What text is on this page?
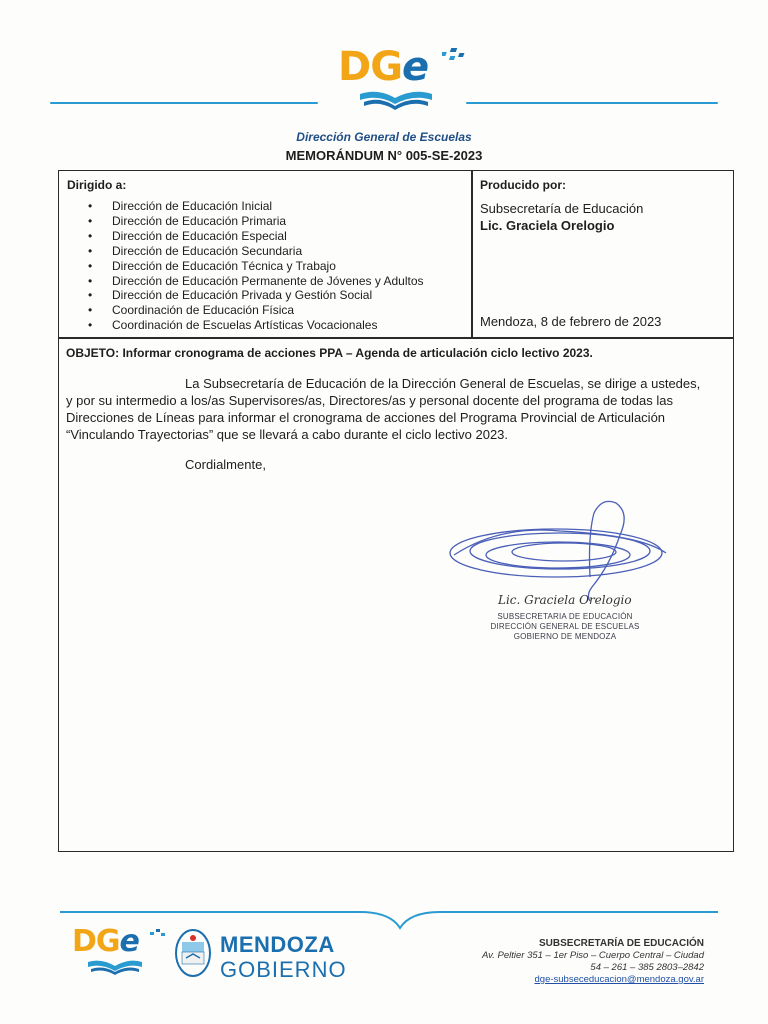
DGe
Dirección General de Escuelas
MEMORÁNDUM N° 005-SE-2023
Dirigido a:
• Dirección de Educación Inicial
• Dirección de Educación Primaria
• Dirección de Educación Especial
• Dirección de Educación Secundaria
• Dirección de Educación Técnica y Trabajo
• Dirección de Educación Permanente de Jóvenes y Adultos
• Dirección de Educación Privada y Gestión Social
• Coordinación de Educación Física
• Coordinación de Escuelas Artísticas Vocacionales
Producido por:
Subsecretaría de Educación
Lic. Graciela Orelogio
Mendoza, 8 de febrero de 2023
OBJETO: Informar cronograma de acciones PPA – Agenda de articulación ciclo lectivo 2023.
La Subsecretaría de Educación de la Dirección General de Escuelas, se dirige a ustedes,
y por su intermedio a los/as Supervisores/as, Directores/as y personal docente del programa de todas las
Direcciones de Líneas para informar el cronograma de acciones del Programa Provincial de Articulación
“Vinculando Trayectorias” que se llevará a cabo durante el ciclo lectivo 2023.
Cordialmente,
Lic. Graciela Orelogio
SUBSECRETARIA DE EDUCACIÓN
DIRECCIÓN GENERAL DE ESCUELAS
GOBIERNO DE MENDOZA
DGe	MENDOZA
GOBIERNO
SUBSECRETARÍA DE EDUCACIÓN
Av. Peltier 351 – 1er Piso – Cuerpo Central – Ciudad
54 – 261 – 385 2803–2842
dge-subseceducacion@mendoza.gov.ar
